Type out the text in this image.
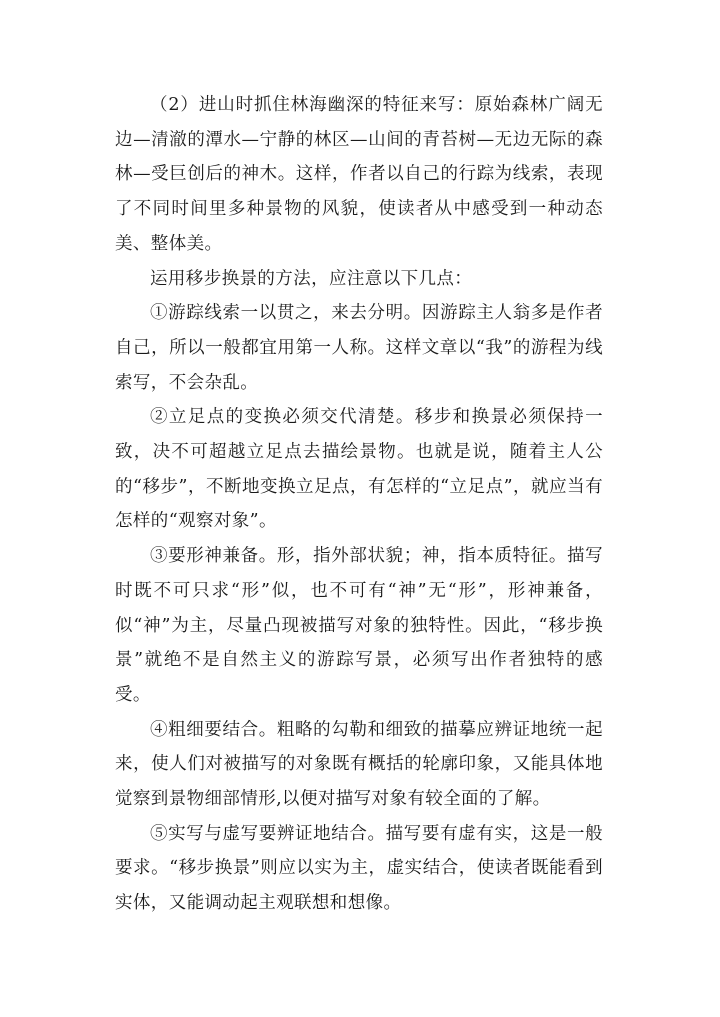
（2）进山时抓住林海幽深的特征来写：原始森林广阔无边—清澈的潭水—宁静的林区—山间的青苔树—无边无际的森林—受巨创后的神木。这样，作者以自己的行踪为线索，表现了不同时间里多种景物的风貌，使读者从中感受到一种动态美、整体美。

运用移步换景的方法，应注意以下几点：

①游踪线索一以贯之，来去分明。因游踪主人翁多是作者自己，所以一般都宜用第一人称。这样文章以“我”的游程为线索写，不会杂乱。

②立足点的变换必须交代清楚。移步和换景必须保持一致，决不可超越立足点去描绘景物。也就是说，随着主人公的“移步”，不断地变换立足点，有怎样的“立足点”，就应当有怎样的“观察对象”。

③要形神兼备。形，指外部状貌；神，指本质特征。描写时既不可只求“形”似，也不可有“神”无“形”，形神兼备，似“神”为主，尽量凸现被描写对象的独特性。因此，“移步换景”就绝不是自然主义的游踪写景，必须写出作者独特的感受。

④粗细要结合。粗略的勾勒和细致的描摹应辨证地统一起来，使人们对被描写的对象既有概括的轮廓印象，又能具体地觉察到景物细部情形,以便对描写对象有较全面的了解。

⑤实写与虚写要辨证地结合。描写要有虚有实，这是一般要求。“移步换景”则应以实为主，虚实结合，使读者既能看到实体，又能调动起主观联想和想像。
